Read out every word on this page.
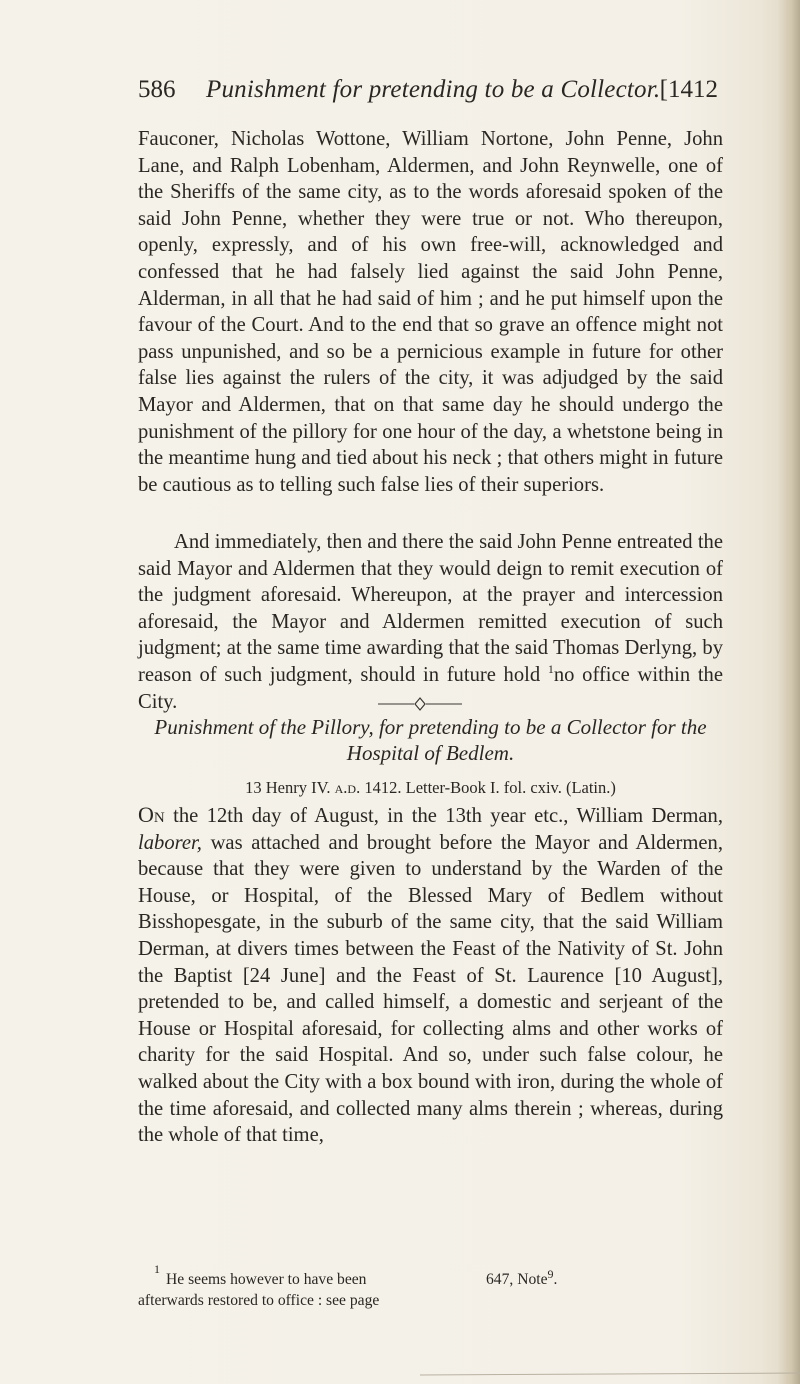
586 Punishment for pretending to be a Collector. [1412
Fauconer, Nicholas Wottone, William Nortone, John Penne, John Lane, and Ralph Lobenham, Aldermen, and John Reynwelle, one of the Sheriffs of the same city, as to the words aforesaid spoken of the said John Penne, whether they were true or not. Who thereupon, openly, expressly, and of his own free-will, acknowledged and confessed that he had falsely lied against the said John Penne, Alderman, in all that he had said of him ; and he put himself upon the favour of the Court. And to the end that so grave an offence might not pass unpunished, and so be a pernicious example in future for other false lies against the rulers of the city, it was adjudged by the said Mayor and Aldermen, that on that same day he should undergo the punishment of the pillory for one hour of the day, a whetstone being in the meantime hung and tied about his neck ; that others might in future be cautious as to telling such false lies of their superiors.
And immediately, then and there the said John Penne entreated the said Mayor and Aldermen that they would deign to remit execution of the judgment aforesaid. Whereupon, at the prayer and intercession aforesaid, the Mayor and Aldermen remitted execution of such judgment; at the same time awarding that the said Thomas Derlyng, by reason of such judgment, should in future hold $^1$no office within the City.
Punishment of the Pillory, for pretending to be a Collector for the Hospital of Bedlem.
13 Henry IV. a.d. 1412. Letter-Book I. fol. cxiv. (Latin.)
On the 12th day of August, in the 13th year etc., William Derman, laborer, was attached and brought before the Mayor and Aldermen, because that they were given to understand by the Warden of the House, or Hospital, of the Blessed Mary of Bedlem without Bisshopesgate, in the suburb of the same city, that the said William Derman, at divers times between the Feast of the Nativity of St. John the Baptist [24 June] and the Feast of St. Laurence [10 August], pretended to be, and called himself, a domestic and serjeant of the House or Hospital aforesaid, for collecting alms and other works of charity for the said Hospital. And so, under such false colour, he walked about the City with a box bound with iron, during the whole of the time aforesaid, and collected many alms therein ; whereas, during the whole of that time,
1
He seems however to have been	647, Note$^9$.
afterwards restored to office : see page
